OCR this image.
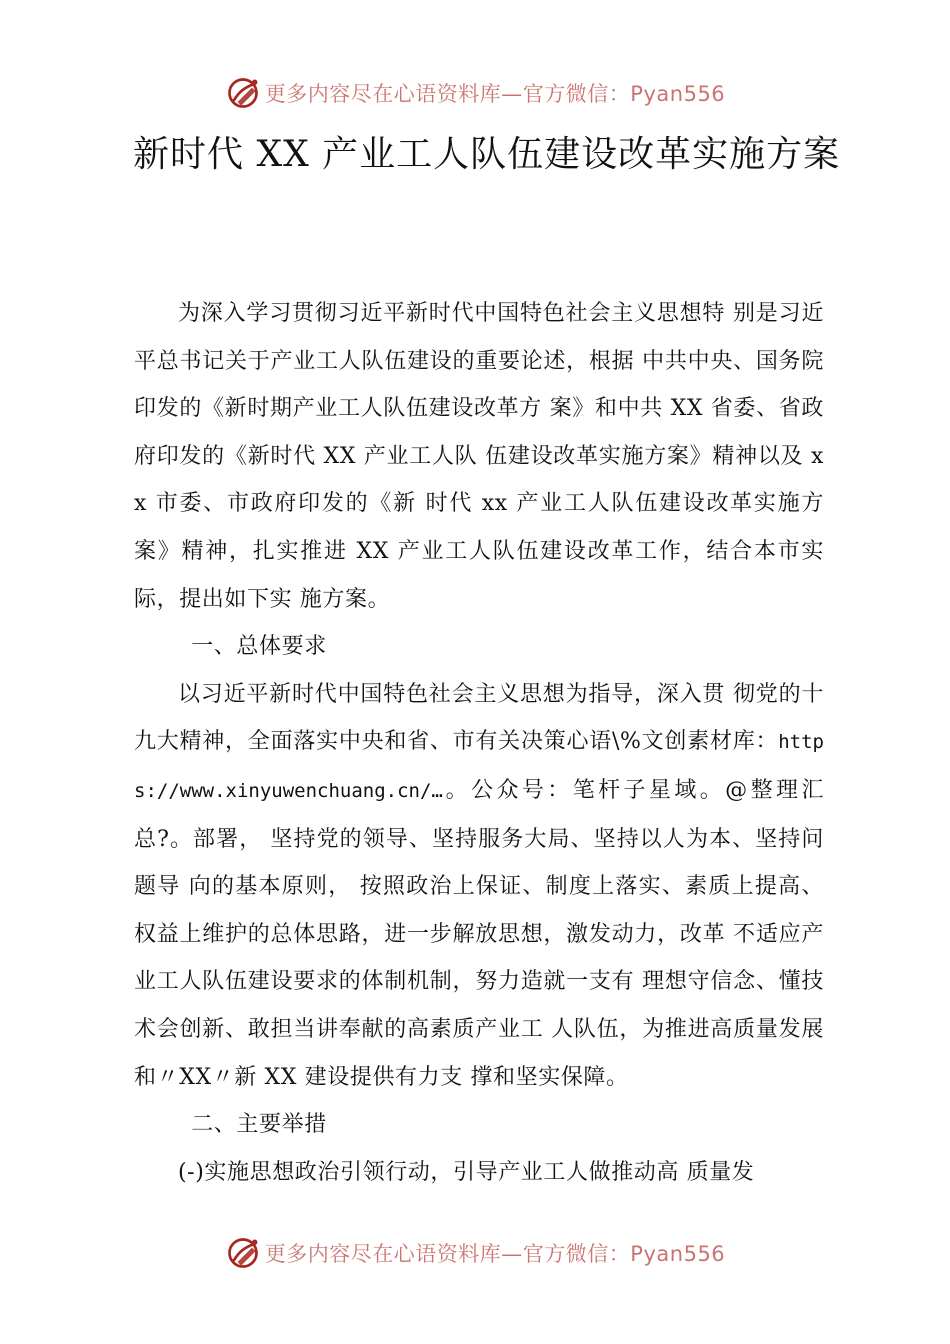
更多内容尽在心语资料库—官方微信：Pyan556
新时代 XX 产业工人队伍建设改革实施方案

为深入学习贯彻习近平新时代中国特色社会主义思想特 别是习近平总书记关于产业工人队伍建设的重要论述，根据 中共中央、国务院印发的《新时期产业工人队伍建设改革方 案》和中共 XX 省委、省政府印发的《新时代 XX 产业工人队 伍建设改革实施方案》精神以及 xx 市委、市政府印发的《新 时代 xx 产业工人队伍建设改革实施方案》精神，扎实推进 XX 产业工人队伍建设改革工作，结合本市实际，提出如下实 施方案。

一、总体要求

以习近平新时代中国特色社会主义思想为指导，深入贯 彻党的十九大精神，全面落实中央和省、市有关决策心语\%文创素材库：https://www.xinyuwenchuang.cn/…。公众号：笔杆子星域。@整理汇总?。部署， 坚持党的领导、坚持服务大局、坚持以人为本、坚持问题导 向的基本原则， 按照政治上保证、制度上落实、素质上提高、 权益上维护的总体思路，进一步解放思想，激发动力，改革 不适应产业工人队伍建设要求的体制机制，努力造就一支有 理想守信念、懂技术会创新、敢担当讲奉献的高素质产业工 人队伍，为推进高质量发展和〃XX〃新 XX 建设提供有力支 撑和坚实保障。

二、主要举措

(-)实施思想政治引领行动，引导产业工人做推动高 质量发

更多内容尽在心语资料库—官方微信：Pyan556
